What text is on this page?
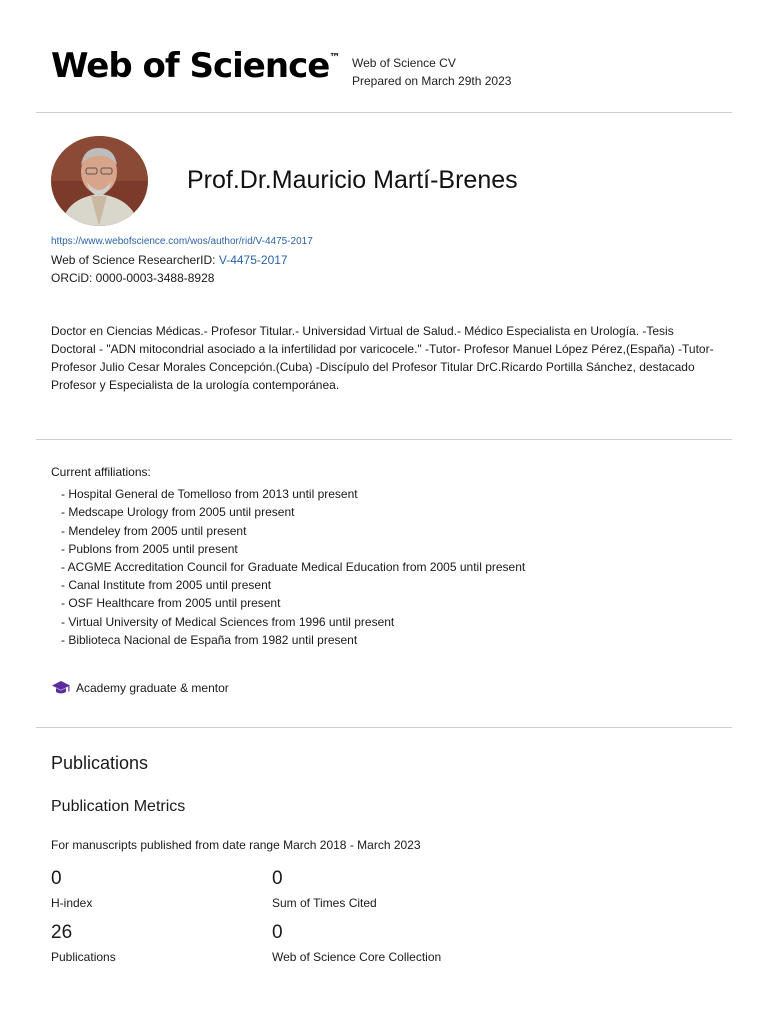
Web of Science™ Web of Science CV
Prepared on March 29th 2023
Prof.Dr.Mauricio Martí-Brenes
https://www.webofscience.com/wos/author/rid/V-4475-2017
Web of Science ResearcherID: V-4475-2017
ORCiD: 0000-0003-3488-8928
Doctor en Ciencias Médicas.- Profesor Titular.- Universidad Virtual de Salud.- Médico Especialista en Urología. -Tesis Doctoral - "ADN mitocondrial asociado a la infertilidad por varicocele." -Tutor- Profesor Manuel López Pérez,(España) -Tutor- Profesor Julio Cesar Morales Concepción.(Cuba) -Discípulo del Profesor Titular DrC.Ricardo Portilla Sánchez, destacado Profesor y Especialista de la urología contemporánea.
Current affiliations:
- Hospital General de Tomelloso from 2013 until present
- Medscape Urology from 2005 until present
- Mendeley from 2005 until present
- Publons from 2005 until present
- ACGME Accreditation Council for Graduate Medical Education from 2005 until present
- Canal Institute from 2005 until present
- OSF Healthcare from 2005 until present
- Virtual University of Medical Sciences from 1996 until present
- Biblioteca Nacional de España from 1982 until present
Academy graduate & mentor
Publications
Publication Metrics
For manuscripts published from date range March 2018 - March 2023
0
H-index
0
Sum of Times Cited
26
Publications
0
Web of Science Core Collection
